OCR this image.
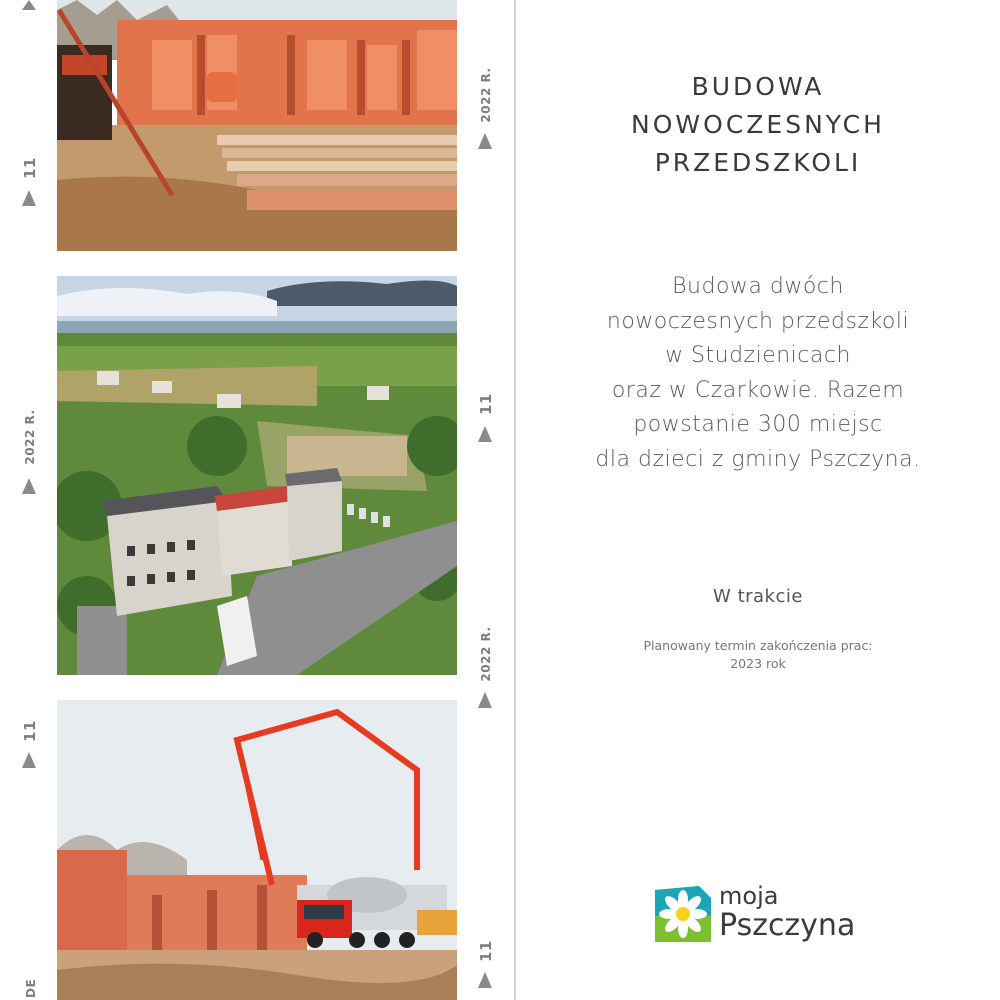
11
2022 R.
11
DE
2022 R.
11
2022 R.
11
BUDOWA
NOWOCZESNYCH
PRZEDSZKOLI
Budowa dwóch
nowoczesnych przedszkoli
w Studzienicach
oraz w Czarkowie. Razem
powstanie 300 miejsc
dla dzieci z gminy Pszczyna.
W trakcie
Planowany termin zakończenia prac:
2023 rok
moja
Pszczyna
